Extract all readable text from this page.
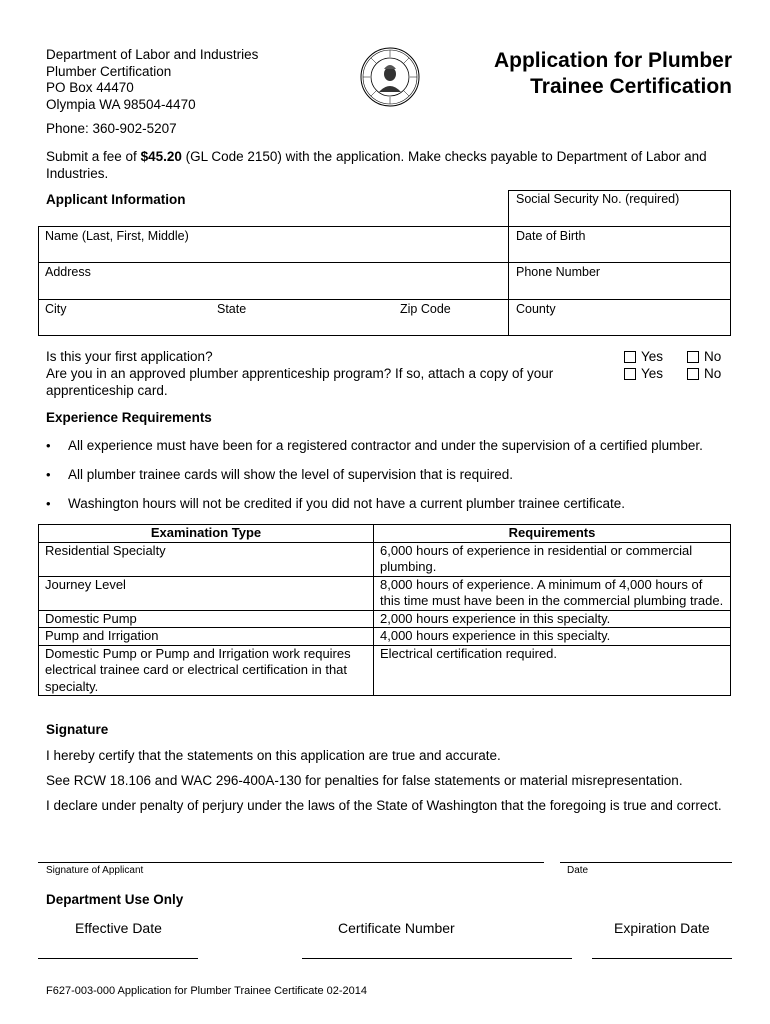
Department of Labor and Industries
Plumber Certification
PO Box 44470
Olympia WA 98504-4470
Application for Plumber
Trainee Certification
Phone: 360-902-5207
Submit a fee of $45.20 (GL Code 2150) with the application. Make checks payable to Department of Labor and Industries.
Applicant Information	Social Security No. (required)
Name (Last, First, Middle)	Date of Birth
Address	Phone Number
City	State	Zip Code	County
Is this your first application?
Are you in an approved plumber apprenticeship program? If so, attach a copy of your apprenticeship card.
Yes	No
Yes	No
Experience Requirements
•	All experience must have been for a registered contractor and under the supervision of a certified plumber.
•	All plumber trainee cards will show the level of supervision that is required.
•	Washington hours will not be credited if you did not have a current plumber trainee certificate.
Examination Type	Requirements
Residential Specialty	6,000 hours of experience in residential or commercial plumbing.
Journey Level	8,000 hours of experience. A minimum of 4,000 hours of this time must have been in the commercial plumbing trade.
Domestic Pump	2,000 hours experience in this specialty.
Pump and Irrigation	4,000 hours experience in this specialty.
Domestic Pump or Pump and Irrigation work requires electrical trainee card or electrical certification in that specialty.	Electrical certification required.
Signature
I hereby certify that the statements on this application are true and accurate.
See RCW 18.106 and WAC 296-400A-130 for penalties for false statements or material misrepresentation.
I declare under penalty of perjury under the laws of the State of Washington that the foregoing is true and correct.
Signature of Applicant	Date
Department Use Only
Effective Date	Certificate Number	Expiration Date
F627-003-000 Application for Plumber Trainee Certificate 02-2014
